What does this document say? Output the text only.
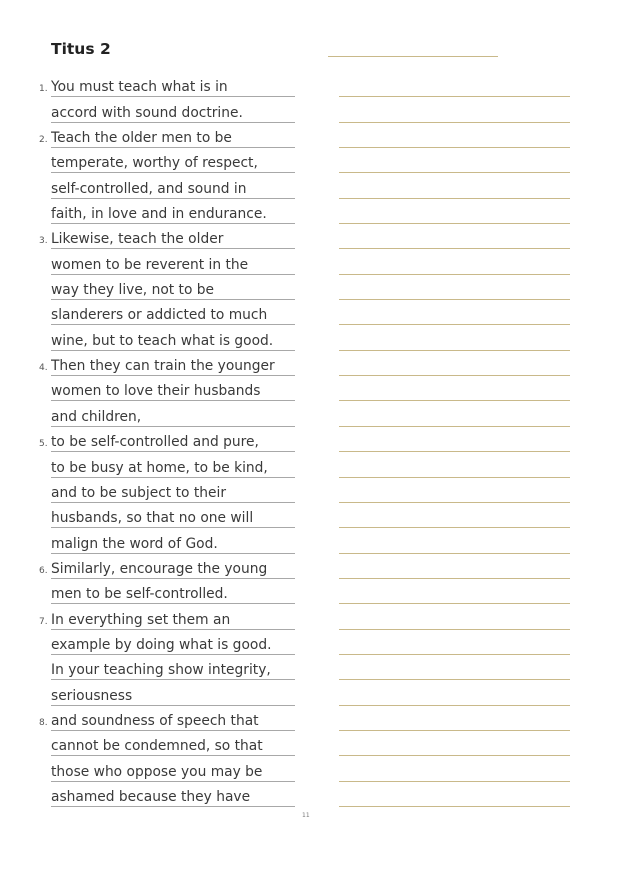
Titus 2
1. You must teach what is in
accord with sound doctrine.
2. Teach the older men to be
temperate, worthy of respect,
self-controlled, and sound in
faith, in love and in endurance.
3. Likewise, teach the older
women to be reverent in the
way they live, not to be
slanderers or addicted to much
wine, but to teach what is good.
4. Then they can train the younger
women to love their husbands
and children,
5. to be self-controlled and pure,
to be busy at home, to be kind,
and to be subject to their
husbands, so that no one will
malign the word of God.
6. Similarly, encourage the young
men to be self-controlled.
7. In everything set them an
example by doing what is good.
In your teaching show integrity,
seriousness
8. and soundness of speech that
cannot be condemned, so that
those who oppose you may be
ashamed because they have
11
